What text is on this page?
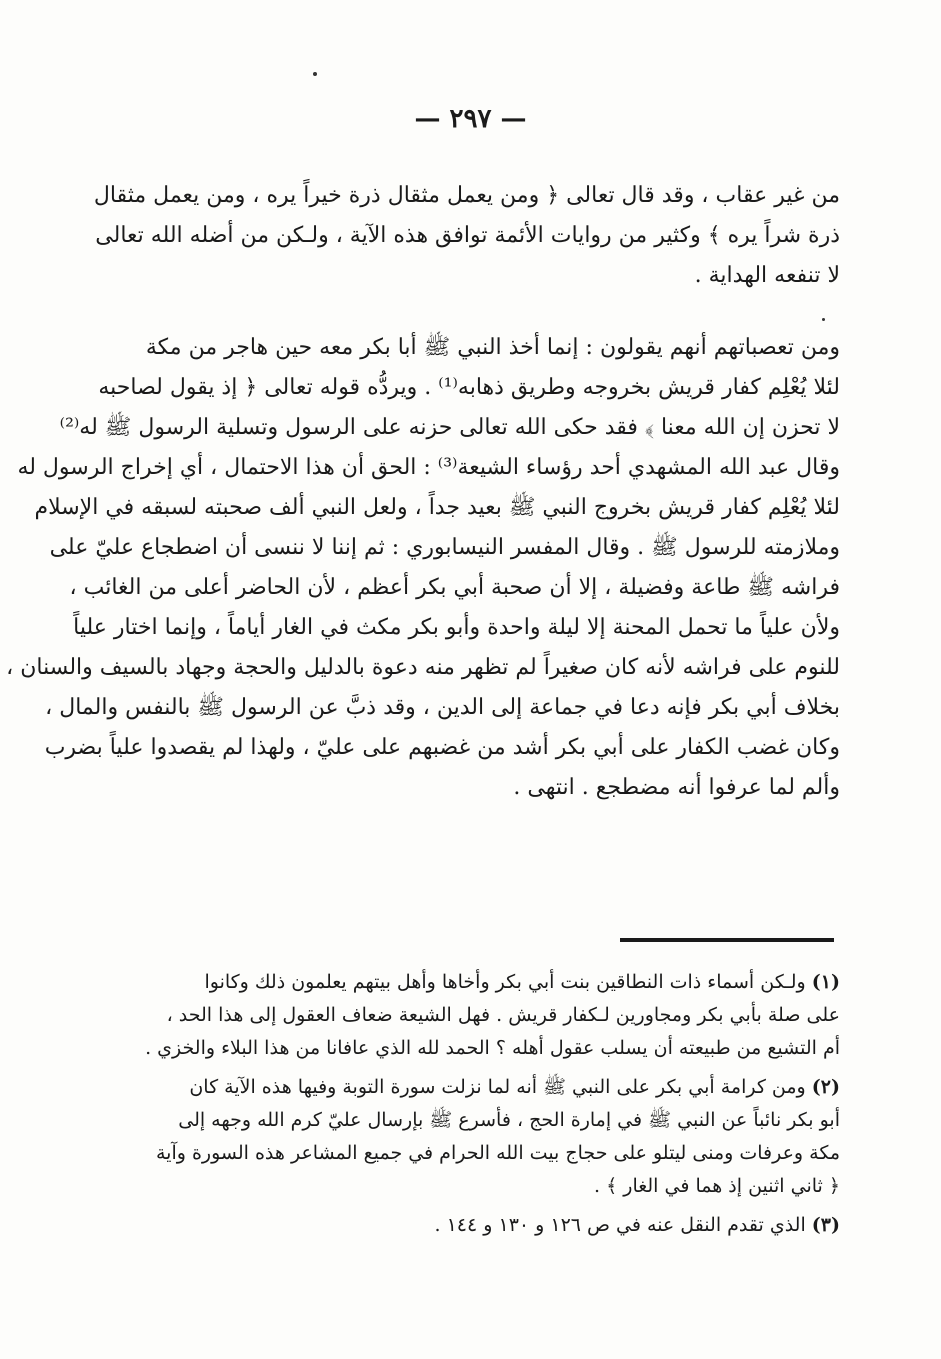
— ٢٩٧ —
من غير عقاب ، وقد قال تعالى ﴿ ومن يعمل مثقال ذرة خيراً يره ، ومن يعمل مثقال
ذرة شراً يره ﴾ وكثير من روايات الأئمة توافق هذه الآية ، ولـكن من أضله الله تعالى
لا تنفعه الهداية .
ومن تعصباتهم أنهم يقولون : إنما أخذ النبي ﷺ أبا بكر معه حين هاجر من مكة
لئلا يُعْلِم كفار قريش بخروجه وطريق ذهابه⁽¹⁾ . ويردُّه قوله تعالى ﴿ إذ يقول لصاحبه
لا تحزن إن الله معنا ﴾ فقد حكى الله تعالى حزنه على الرسول وتسلية الرسول ﷺ له⁽²⁾
وقال عبد الله المشهدي أحد رؤساء الشيعة⁽³⁾ : الحق أن هذا الاحتمال ، أي إخراج الرسول له
لئلا يُعْلِم كفار قريش بخروج النبي ﷺ بعيد جداً ، ولعل النبي ألف صحبته لسبقه في الإسلام
وملازمته للرسول ﷺ . وقال المفسر النيسابوري : ثم إننا لا ننسى أن اضطجاع عليّ على
فراشه ﷺ طاعة وفضيلة ، إلا أن صحبة أبي بكر أعظم ، لأن الحاضر أعلى من الغائب ،
ولأن علياً ما تحمل المحنة إلا ليلة واحدة وأبو بكر مكث في الغار أياماً ، وإنما اختار علياً
للنوم على فراشه لأنه كان صغيراً لم تظهر منه دعوة بالدليل والحجة وجهاد بالسيف والسنان ،
بخلاف أبي بكر فإنه دعا في جماعة إلى الدين ، وقد ذبَّ عن الرسول ﷺ بالنفس والمال ،
وكان غضب الكفار على أبي بكر أشد من غضبهم على عليّ ، ولهذا لم يقصدوا علياً بضرب
وألم لما عرفوا أنه مضطجع . انتهى .
(١) ولـكن أسماء ذات النطاقين بنت أبي بكر وأخاها وأهل بيتهم يعلمون ذلك وكانوا
على صلة بأبي بكر ومجاورين لـكفار قريش . فهل الشيعة ضعاف العقول إلى هذا الحد ،
أم التشيع من طبيعته أن يسلب عقول أهله ؟ الحمد لله الذي عافانا من هذا البلاء والخزي .
(٢) ومن كرامة أبي بكر على النبي ﷺ أنه لما نزلت سورة التوبة وفيها هذه الآية كان
أبو بكر نائباً عن النبي ﷺ في إمارة الحج ، فأسرع ﷺ بإرسال عليّ كرم الله وجهه إلى
مكة وعرفات ومنى ليتلو على حجاج بيت الله الحرام في جميع المشاعر هذه السورة وآية
﴿ ثاني اثنين إذ هما في الغار ﴾ .
(٣) الذي تقدم النقل عنه في ص ١٢٦ و ١٣٠ و ١٤٤ .
